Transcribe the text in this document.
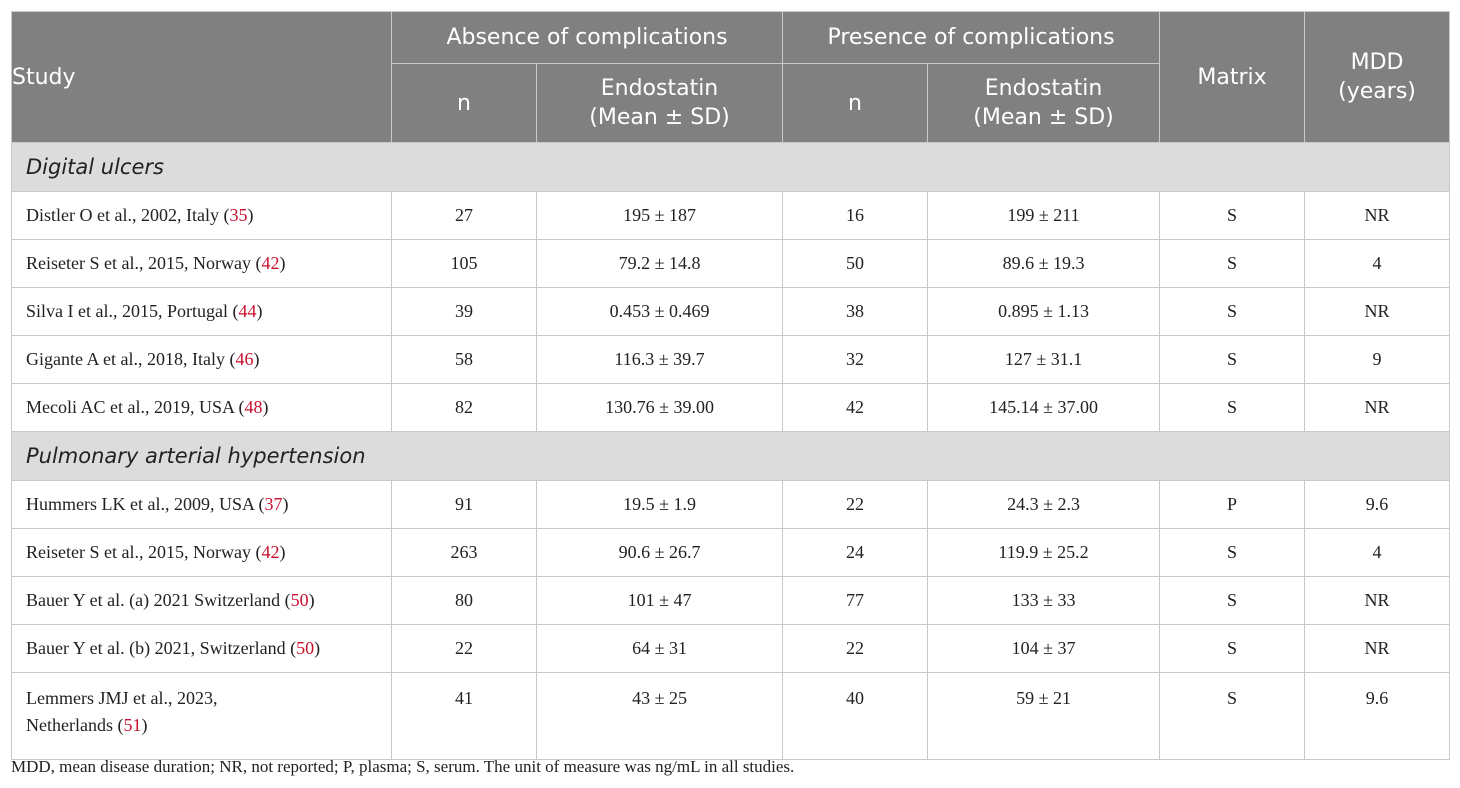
Study	Absence of complications		Presence of complications		Matrix	MDD
(years)
	n	Endostatin
(Mean ± SD)	n	Endostatin
(Mean ± SD)		
Digital ulcers						
Distler O et al., 2002, Italy (35)	27	195 ± 187	16	199 ± 211	S	NR
Reiseter S et al., 2015, Norway (42)	105	79.2 ± 14.8	50	89.6 ± 19.3	S	4
Silva I et al., 2015, Portugal (44)	39	0.453 ± 0.469	38	0.895 ± 1.13	S	NR
Gigante A et al., 2018, Italy (46)	58	116.3 ± 39.7	32	127 ± 31.1	S	9
Mecoli AC et al., 2019, USA (48)	82	130.76 ± 39.00	42	145.14 ± 37.00	S	NR
Pulmonary arterial hypertension						
Hummers LK et al., 2009, USA (37)	91	19.5 ± 1.9	22	24.3 ± 2.3	P	9.6
Reiseter S et al., 2015, Norway (42)	263	90.6 ± 26.7	24	119.9 ± 25.2	S	4
Bauer Y et al. (a) 2021 Switzerland (50)	80	101 ± 47	77	133 ± 33	S	NR
Bauer Y et al. (b) 2021, Switzerland (50)	22	64 ± 31	22	104 ± 37	S	NR
Lemmers JMJ et al., 2023,
Netherlands (51)	41	43 ± 25	40	59 ± 21	S	9.6
MDD, mean disease duration; NR, not reported; P, plasma; S, serum. The unit of measure was ng/mL in all studies.
